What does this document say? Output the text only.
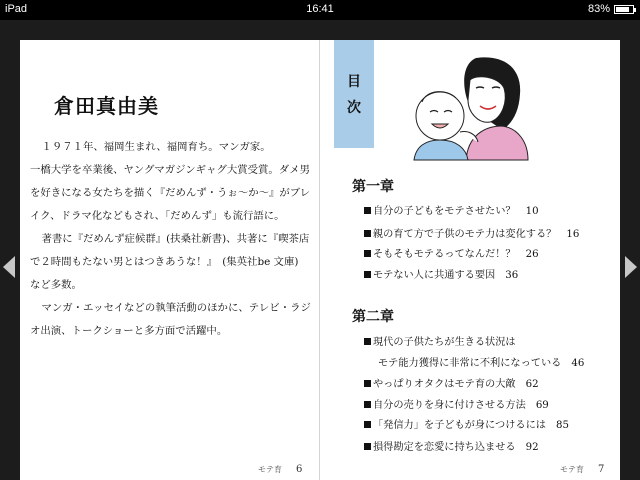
iPad	16:41	83%
倉田真由美

１９７１年、福岡生まれ、福岡育ち。マンガ家。

一橋大学を卒業後、ヤングマガジンギャグ大賞受賞。ダメ男を好きになる女たちを描く『だめんず・うぉ～か～』がブレイク、ドラマ化などもされ、「だめんず」も流行語に。

著書に『だめんず症候群』(扶桑社新書)、共著に『喫茶店で２時間もたない男とはつきあうな！』　(集英社be 文庫) など多数。

マンガ・エッセイなどの執筆活動のほかに、テレビ・ラジオ出演、トークショーと多方面で活躍中。

モテ育 6
目
次
第一章
自分の子どもをモテさせたい？ 10
親の育て方で子供のモテ力は変化する？ 16
そもそもモテるってなんだ！？ 26
モテない人に共通する要因 36
第二章
現代の子供たちが生きる状況は
モテ能力獲得に非常に不利になっている 46
やっぱりオタクはモテ育の大敵 62
自分の売りを身に付けさせる方法 69
「発信力」を子どもが身につけるには 85
損得勘定を恋愛に持ち込ませる 92
モテ育 7
